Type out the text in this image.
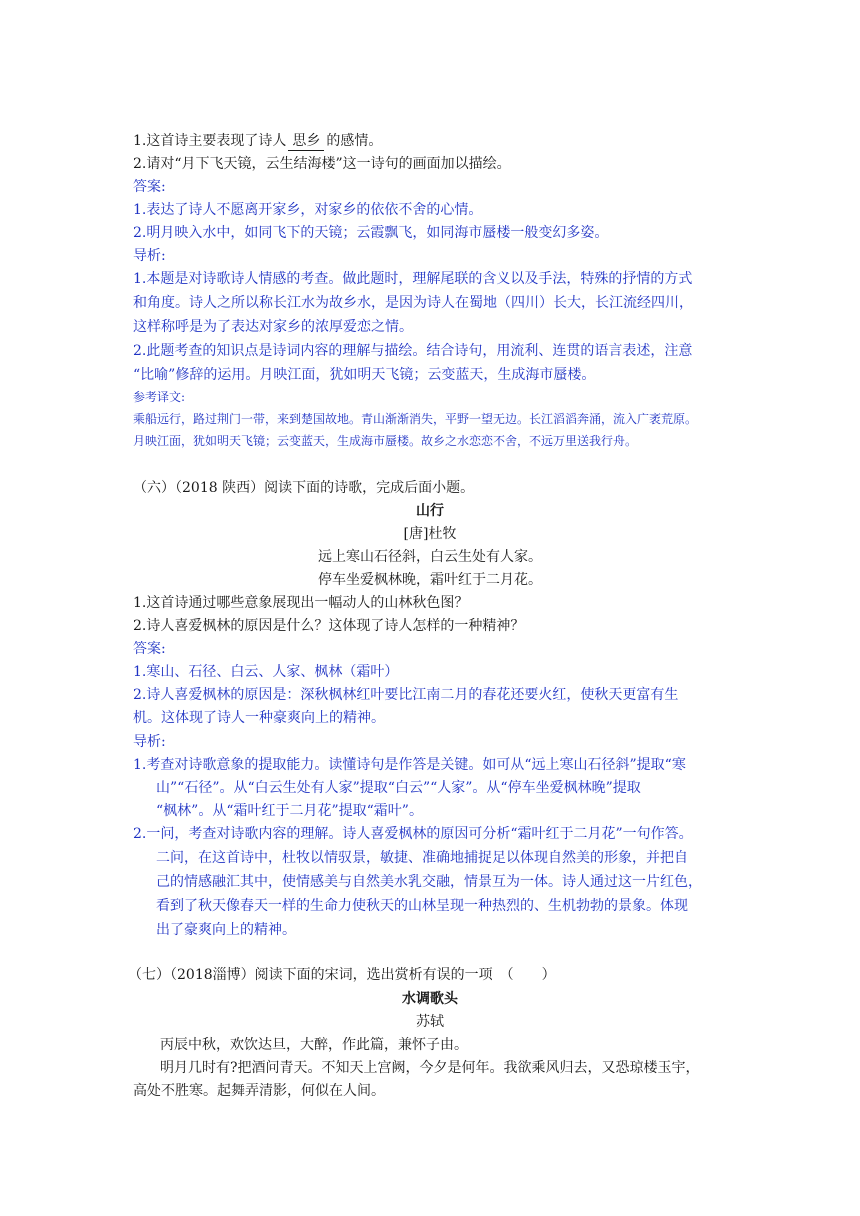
1.这首诗主要表现了诗人 思乡 的感情。
2.请对“月下飞天镜，云生结海楼”这一诗句的画面加以描绘。
答案:
1.表达了诗人不愿离开家乡，对家乡的依依不舍的心情。
2.明月映入水中，如同飞下的天镜；云霞飘飞，如同海市蜃楼一般变幻多姿。
导析:
1.本题是对诗歌诗人情感的考查。做此题时，理解尾联的含义以及手法，特殊的抒情的方式
和角度。诗人之所以称长江水为故乡水，是因为诗人在蜀地（四川）长大，长江流经四川，
这样称呼是为了表达对家乡的浓厚爱恋之情。
2.此题考查的知识点是诗词内容的理解与描绘。结合诗句，用流利、连贯的语言表述，注意
“比喻”修辞的运用。月映江面，犹如明天飞镜；云变蓝天，生成海市蜃楼。
参考译文:
乘船远行，路过荆门一带，来到楚国故地。青山渐渐消失，平野一望无边。长江滔滔奔涌，流入广袤荒原。
月映江面，犹如明天飞镜；云变蓝天，生成海市蜃楼。故乡之水恋恋不舍，不远万里送我行舟。
（六）（2018 陕西）阅读下面的诗歌，完成后面小题。
山行
[唐]杜牧
远上寒山石径斜，白云生处有人家。
停车坐爱枫林晚，霜叶红于二月花。
1.这首诗通过哪些意象展现出一幅动人的山林秋色图？
2.诗人喜爱枫林的原因是什么？这体现了诗人怎样的一种精神？
答案:
1.寒山、石径、白云、人家、枫林（霜叶）
2.诗人喜爱枫林的原因是：深秋枫林红叶要比江南二月的春花还要火红，使秋天更富有生
机。这体现了诗人一种豪爽向上的精神。
导析:
1.考查对诗歌意象的提取能力。读懂诗句是作答是关键。如可从“远上寒山石径斜”提取“寒
山”“石径”。从“白云生处有人家”提取“白云”“人家”。从“停车坐爱枫林晚”提取
“枫林”。从“霜叶红于二月花”提取“霜叶”。
2.一问，考查对诗歌内容的理解。诗人喜爱枫林的原因可分析“霜叶红于二月花”一句作答。
二问，在这首诗中，杜牧以情驭景，敏捷、准确地捕捉足以体现自然美的形象，并把自
己的情感融汇其中，使情感美与自然美水乳交融，情景互为一体。诗人通过这一片红色，
看到了秋天像春天一样的生命力使秋天的山林呈现一种热烈的、生机勃勃的景象。体现
出了豪爽向上的精神。
（七）（2018淄博）阅读下面的宋词，选出赏析有误的一项　（　　）
水调歌头
苏轼
丙辰中秋，欢饮达旦，大醉，作此篇，兼怀子由。
明月几时有?把酒问青天。不知天上宫阙，今夕是何年。我欲乘风归去，又恐琼楼玉宇，
高处不胜寒。起舞弄清影，何似在人间。
